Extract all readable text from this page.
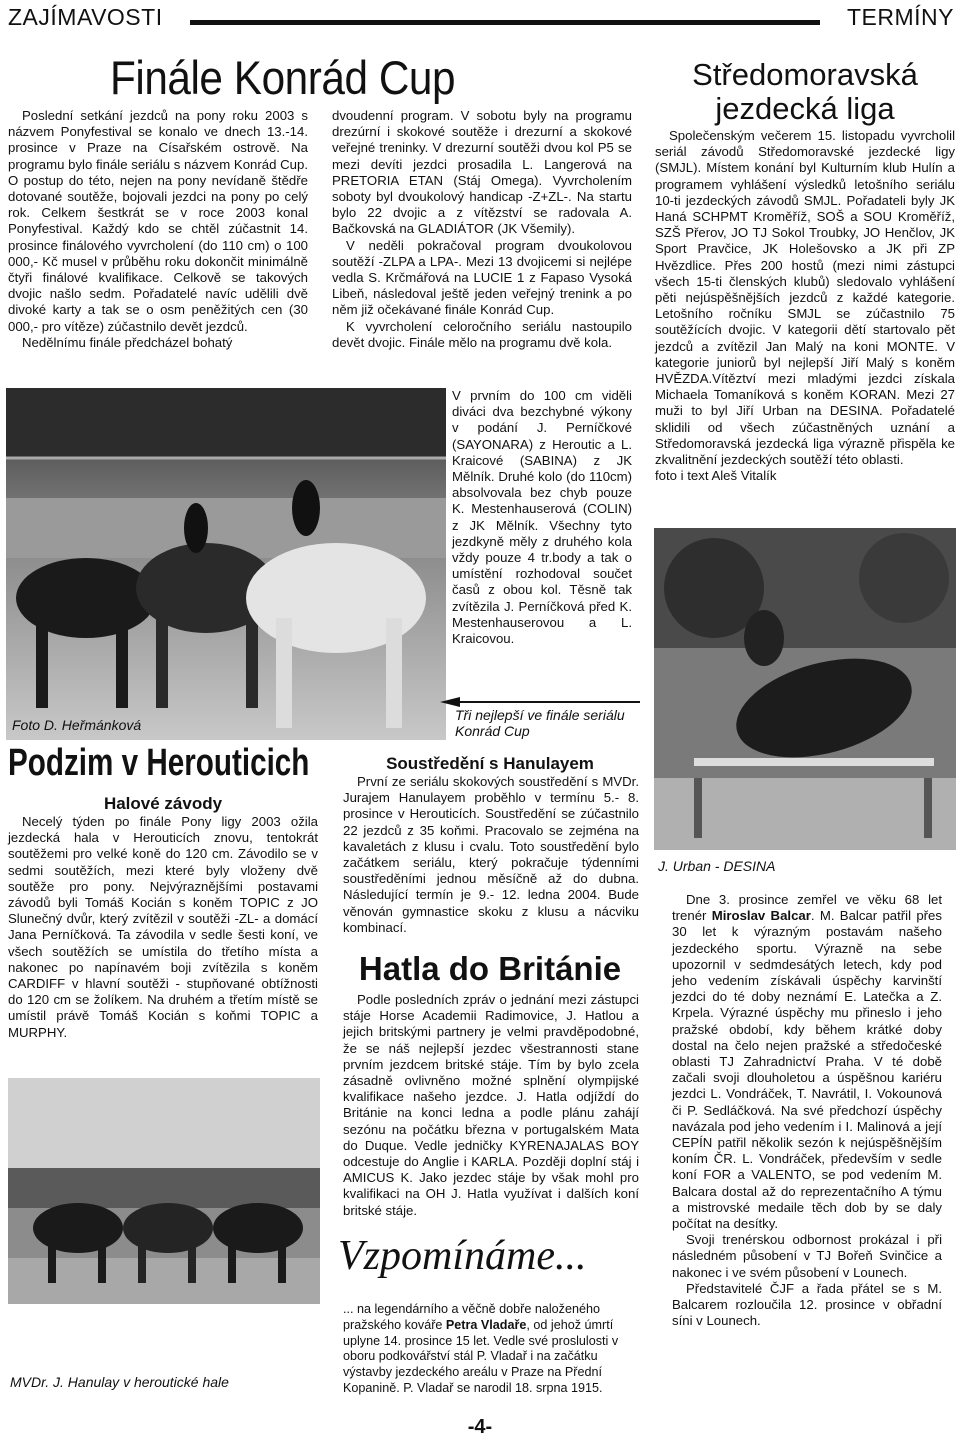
ZAJÍMAVOSTI	TERMÍNY
Finále Konrád Cup

Poslední setkání jezdců na pony roku 2003 s názvem Ponyfestival se konalo ve dnech 13.-14. prosince v Praze na Císařském ostrově. Na programu bylo finále seriálu s názvem Konrád Cup. O postup do této, nejen na pony nevídaně štědře dotované soutěže, bojovali jezdci na pony po celý rok. Celkem šestkrát se v roce 2003 konal Ponyfestival. Každý kdo se chtěl zúčastnit 14. prosince finálového vyvrcholení (do 110 cm) o 100 000,- Kč musel v průběhu roku dokončit minimálně čtyři finálové kvalifikace. Celkově se takových dvojic našlo sedm. Pořadatelé navíc udělili dvě divoké karty a tak se o osm peněžitých cen (30 000,- pro vítěze) zúčastnilo devět jezdců.

Nedělnímu finále předcházel bohatý

dvoudenní program. V sobotu byly na programu drezúrní i skokové soutěže i drezurní a skokové veřejné treninky. V drezurní soutěži dvou kol P5 se mezi devíti jezdci prosadila L. Langerová na PRETORIA ETAN (Stáj Omega). Vyvrcholením soboty byl dvoukolový handicap -Z+ZL-. Na startu bylo 22 dvojic a z vítězství se radovala A. Bačkovská na GLADIÁTOR (JK Všemily).

V neděli pokračoval program dvoukolovou soutěží -ZLPA a LPA-. Mezi 13 dvojicemi si nejlépe vedla S. Krčmářová na LUCIE 1 z Fapaso Vysoká Libeň, následoval ještě jeden veřejný trenink a po něm již očekávané finále Konrád Cup.

K vyvrcholení celoročního seriálu nastoupilo devět dvojic. Finále mělo na programu dvě kola.

V prvním do 100 cm viděli diváci dva bezchybné výkony v podání J. Perníčkové (SAYONARA) z Heroutic a L. Kraicové (SABINA) z JK Mělník. Druhé kolo (do 110cm) absolvovala bez chyb pouze K. Mestenhauserová (COLIN) z JK Mělník. Všechny tyto jezdkyně měly z druhého kola vždy pouze 4 tr.body a tak o umístění rozhodoval součet časů z obou kol. Těsně tak zvítězila J. Perníčková před K. Mestenhauserovou a L. Kraicovou.

Foto D. Heřmánková
Tři nejlepší ve finále seriálu Konrád Cup
Středomoravská
jezdecká liga

Společenským večerem 15. listopadu vyvrcholil seriál závodů Středomoravské jezdecké ligy (SMJL). Místem konání byl Kulturním klub Hulín a programem vyhlášení výsledků letošního seriálu 10-ti jezdeckých závodů SMJL. Pořadateli byly JK Haná SCHPMT Kroměříž, SOŠ a SOU Kroměříž, SZŠ Přerov, JO TJ Sokol Troubky, JO Henčlov, JK Sport Pravčice, JK Holešovsko a JK při ZP Hvězdlice. Přes 200 hostů (mezi nimi zástupci všech 15-ti členských klubů) sledovalo vyhlášení pěti nejúspěšnějších jezdců z každé kategorie. Letošního ročníku SMJL se zúčastnilo 75 soutěžících dvojic. V kategorii dětí startovalo pět jezdců a zvítězil Jan Malý na koni MONTE. V kategorie juniorů byl nejlepší Jiří Malý s koněm HVĚZDA.Vítěztví mezi mladými jezdci získala Michaela Tomaníková s koněm KORAN. Mezi 27 muži to byl Jiří Urban na DESINA. Pořadatelé sklidili od všech zúčastněných uznání a Středomoravská jezdecká liga výrazně přispěla ke zkvalitnění jezdeckých soutěží této oblasti.

foto i text Aleš Vitalík

J. Urban - DESINA
Podzim v Herouticich
Halové závody

Necelý týden po finále Pony ligy 2003 ožila jezdecká hala v Herouticích znovu, tentokrát soutěžemi pro velké koně do 120 cm. Závodilo se v sedmi soutěžích, mezi které byly vloženy dvě soutěže pro pony. Nejvýraznějšími postavami závodů byli Tomáš Kocián s koněm TOPIC z JO Slunečný dvůr, který zvítězil v soutěži -ZL- a domácí Jana Perníčková. Ta závodila v sedle šesti koní, ve všech soutěžích se umístila do třetího místa a nakonec po napínavém boji zvítězila s koněm CARDIFF v hlavní soutěži - stupňované obtížnosti do 120 cm se žolíkem. Na druhém a třetím místě se umístil právě Tomáš Kocián s koňmi TOPIC a MURPHY.

MVDr. J. Hanulay v heroutické hale
Soustředění s Hanulayem

První ze seriálu skokových soustředění s MVDr. Jurajem Hanulayem proběhlo v termínu 5.- 8. prosince v Herouticích. Soustředění se zúčastnilo 22 jezdců z 35 koňmi. Pracovalo se zejména na kavaletách z klusu i cvalu. Toto soustředění bylo začátkem seriálu, který pokračuje týdenními soustředěními jednou měsíčně až do dubna. Následující termín je 9.- 12. ledna 2004. Bude věnován gymnastice skoku z klusu a nácviku kombinací.

Hatla do Británie

Podle posledních zpráv o jednání mezi zástupci stáje Horse Academii Radimovice, J. Hatlou a jejich britskými partnery je velmi pravděpodobné, že se náš nejlepší jezdec všestrannosti stane prvním jezdcem britské stáje. Tím by bylo zcela zásadně ovlivněno možné splnění olympijské kvalifikace našeho jezdce. J. Hatla odjíždí do Británie na konci ledna a podle plánu zahájí sezónu na počátku března v portugalském Mata do Duque. Vedle jedničky KYRENAJALAS BOY odcestuje do Anglie i KARLA. Později doplní stáj i AMICUS K. Jako jezdec stáje by však mohl pro kvalifikaci na OH J. Hatla využívat i dalších koní britské stáje.

Vzpomínáme...
... na legendárního a věčně dobře naloženého pražského kováře Petra Vladaře, od jehož úmrtí uplyne 14. prosince 15 let. Vedle své proslulosti v oboru podkovářství stál P. Vladař i na začátku výstavby jezdeckého areálu v Praze na Přední Kopanině. P. Vladař se narodil 18. srpna 1915.

Dne 3. prosince zemřel ve věku 68 let trenér Miroslav Balcar. M. Balcar patřil přes 30 let k výrazným postavám našeho jezdeckého sportu. Výrazně na sebe upozornil v sedmdesátých letech, kdy pod jeho vedením získávali úspěchy karvinští jezdci do té doby neznámí E. Latečka a Z. Krpela. Výrazné úspěchy mu přineslo i jeho pražské období, kdy během krátké doby dostal na čelo nejen pražské a středočeské oblasti TJ Zahradnictví Praha. V té době začali svoji dlouholetou a úspěšnou kariéru jezdci L. Vondráček, T. Navrátil, I. Vokounová či P. Sedláčková. Na své předchozí úspěchy navázala pod jeho vedením i I. Malinová a její CEPÍN patřil několik sezón k nejúspěšnějším koním ČR. L. Vondráček, především v sedle koní FOR a VALENTO, se pod vedením M. Balcara dostal až do reprezentačního A týmu a mistrovské medaile těch dob by se daly počítat na desítky.

Svoji trenérskou odbornost prokázal i při následném působení v TJ Bořeň Svinčice a nakonec i ve svém působení v Lounech.

Představitelé ČJF a řada přátel se s M. Balcarem rozloučila 12. prosince v obřadní síni v Lounech.

-4-
